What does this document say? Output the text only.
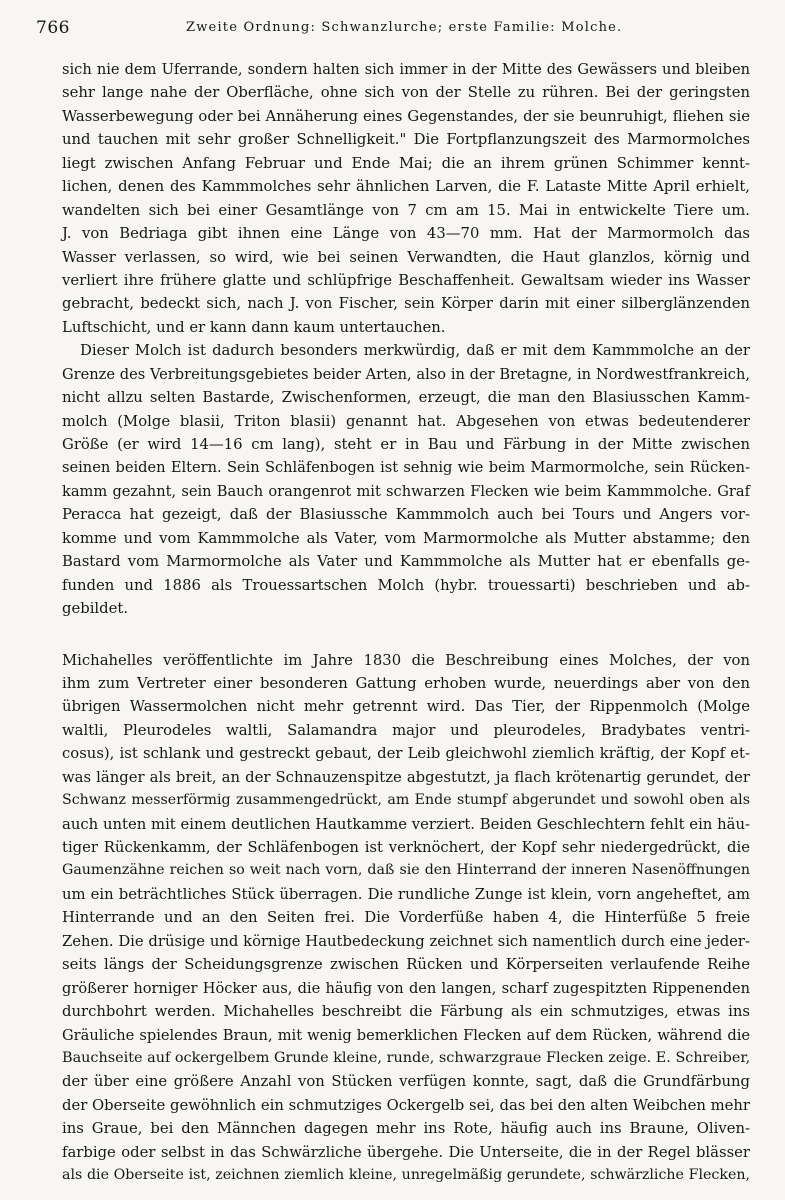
766	Zweite Ordnung: Schwanzlurche; erste Familie: Molche.
sich nie dem Uferrande, sondern halten sich immer in der Mitte des Gewässers und bleiben
sehr lange nahe der Oberfläche, ohne sich von der Stelle zu rühren. Bei der geringsten
Wasserbewegung oder bei Annäherung eines Gegenstandes, der sie beunruhigt, fliehen sie
und tauchen mit sehr großer Schnelligkeit." Die Fortpflanzungszeit des Marmormolches
liegt zwischen Anfang Februar und Ende Mai; die an ihrem grünen Schimmer kennt-
lichen, denen des Kammmolches sehr ähnlichen Larven, die F. Lataste Mitte April erhielt,
wandelten sich bei einer Gesamtlänge von 7 cm am 15. Mai in entwickelte Tiere um.
J. von Bedriaga gibt ihnen eine Länge von 43—70 mm. Hat der Marmormolch das
Wasser verlassen, so wird, wie bei seinen Verwandten, die Haut glanzlos, körnig und
verliert ihre frühere glatte und schlüpfrige Beschaffenheit. Gewaltsam wieder ins Wasser
gebracht, bedeckt sich, nach J. von Fischer, sein Körper darin mit einer silberglänzenden
Luftschicht, und er kann dann kaum untertauchen.
Dieser Molch ist dadurch besonders merkwürdig, daß er mit dem Kammmolche an der
Grenze des Verbreitungsgebietes beider Arten, also in der Bretagne, in Nordwestfrankreich,
nicht allzu selten Bastarde, Zwischenformen, erzeugt, die man den Blasiusschen Kamm-
molch (Molge blasii, Triton blasii) genannt hat. Abgesehen von etwas bedeutenderer
Größe (er wird 14—16 cm lang), steht er in Bau und Färbung in der Mitte zwischen
seinen beiden Eltern. Sein Schläfenbogen ist sehnig wie beim Marmormolche, sein Rücken-
kamm gezahnt, sein Bauch orangenrot mit schwarzen Flecken wie beim Kammmolche. Graf
Peracca hat gezeigt, daß der Blasiussche Kammmolch auch bei Tours und Angers vor-
komme und vom Kammmolche als Vater, vom Marmormolche als Mutter abstamme; den
Bastard vom Marmormolche als Vater und Kammmolche als Mutter hat er ebenfalls ge-
funden und 1886 als Trouessartschen Molch (hybr. trouessarti) beschrieben und ab-
gebildet.
Michahelles veröffentlichte im Jahre 1830 die Beschreibung eines Molches, der von
ihm zum Vertreter einer besonderen Gattung erhoben wurde, neuerdings aber von den
übrigen Wassermolchen nicht mehr getrennt wird. Das Tier, der Rippenmolch (Molge
waltli, Pleurodeles waltli, Salamandra major und pleurodeles, Bradybates ventri-
cosus), ist schlank und gestreckt gebaut, der Leib gleichwohl ziemlich kräftig, der Kopf et-
was länger als breit, an der Schnauzenspitze abgestutzt, ja flach krötenartig gerundet, der
Schwanz messerförmig zusammengedrückt, am Ende stumpf abgerundet und sowohl oben als
auch unten mit einem deutlichen Hautkamme verziert. Beiden Geschlechtern fehlt ein häu-
tiger Rückenkamm, der Schläfenbogen ist verknöchert, der Kopf sehr niedergedrückt, die
Gaumenzähne reichen so weit nach vorn, daß sie den Hinterrand der inneren Nasenöffnungen
um ein beträchtliches Stück überragen. Die rundliche Zunge ist klein, vorn angeheftet, am
Hinterrande und an den Seiten frei. Die Vorderfüße haben 4, die Hinterfüße 5 freie
Zehen. Die drüsige und körnige Hautbedeckung zeichnet sich namentlich durch eine jeder-
seits längs der Scheidungsgrenze zwischen Rücken und Körperseiten verlaufende Reihe
größerer horniger Höcker aus, die häufig von den langen, scharf zugespitzten Rippenenden
durchbohrt werden. Michahelles beschreibt die Färbung als ein schmutziges, etwas ins
Gräuliche spielendes Braun, mit wenig bemerklichen Flecken auf dem Rücken, während die
Bauchseite auf ockergelbem Grunde kleine, runde, schwarzgraue Flecken zeige. E. Schreiber,
der über eine größere Anzahl von Stücken verfügen konnte, sagt, daß die Grundfärbung
der Oberseite gewöhnlich ein schmutziges Ockergelb sei, das bei den alten Weibchen mehr
ins Graue, bei den Männchen dagegen mehr ins Rote, häufig auch ins Braune, Oliven-
farbige oder selbst in das Schwärzliche übergehe. Die Unterseite, die in der Regel blässer
als die Oberseite ist, zeichnen ziemlich kleine, unregelmäßig gerundete, schwärzliche Flecken,
